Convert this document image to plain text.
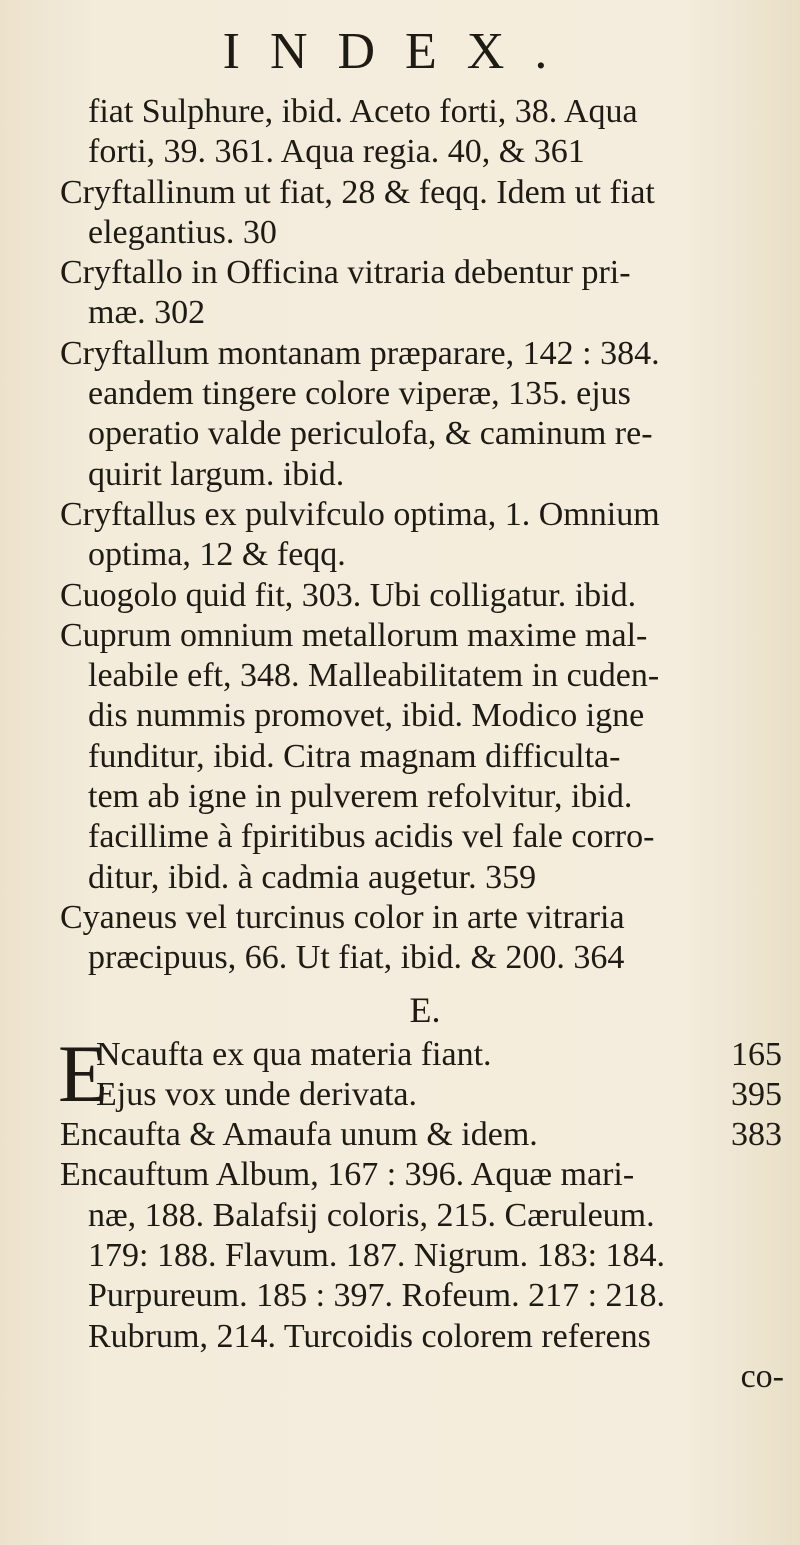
INDEX.
fiat Sulphure, ibid. Aceto forti, 38. Aqua
forti, 39. 361. Aqua regia. 40, & 361
Cryftallinum ut fiat, 28 & feqq. Idem ut fiat
elegantius. 30
Cryftallo in Officina vitraria debentur pri-
mæ. 302
Cryftallum montanam præparare, 142 : 384.
eandem tingere colore viperæ, 135. ejus
operatio valde periculofa, & caminum re-
quirit largum. ibid.
Cryftallus ex pulvifculo optima, 1. Omnium
optima, 12 & feqq.
Cuogolo quid fit, 303. Ubi colligatur. ibid.
Cuprum omnium metallorum maxime mal-
leabile eft, 348. Malleabilitatem in cuden-
dis nummis promovet, ibid. Modico igne
funditur, ibid. Citra magnam difficulta-
tem ab igne in pulverem refolvitur, ibid.
facillime à fpiritibus acidis vel fale corro-
ditur, ibid. à cadmia augetur. 359
Cyaneus vel turcinus color in arte vitraria
præcipuus, 66. Ut fiat, ibid. & 200. 364
E.
E
Ncaufta ex qua materia fiant.	165
Ejus vox unde derivata.	395
Encaufta & Amaufa unum & idem.	383
Encauftum Album, 167 : 396. Aquæ mari-
næ, 188. Balafsij coloris, 215. Cæruleum.
179: 188. Flavum. 187. Nigrum. 183: 184.
Purpureum. 185 : 397. Rofeum. 217 : 218.
Rubrum, 214. Turcoidis colorem referens
co-
